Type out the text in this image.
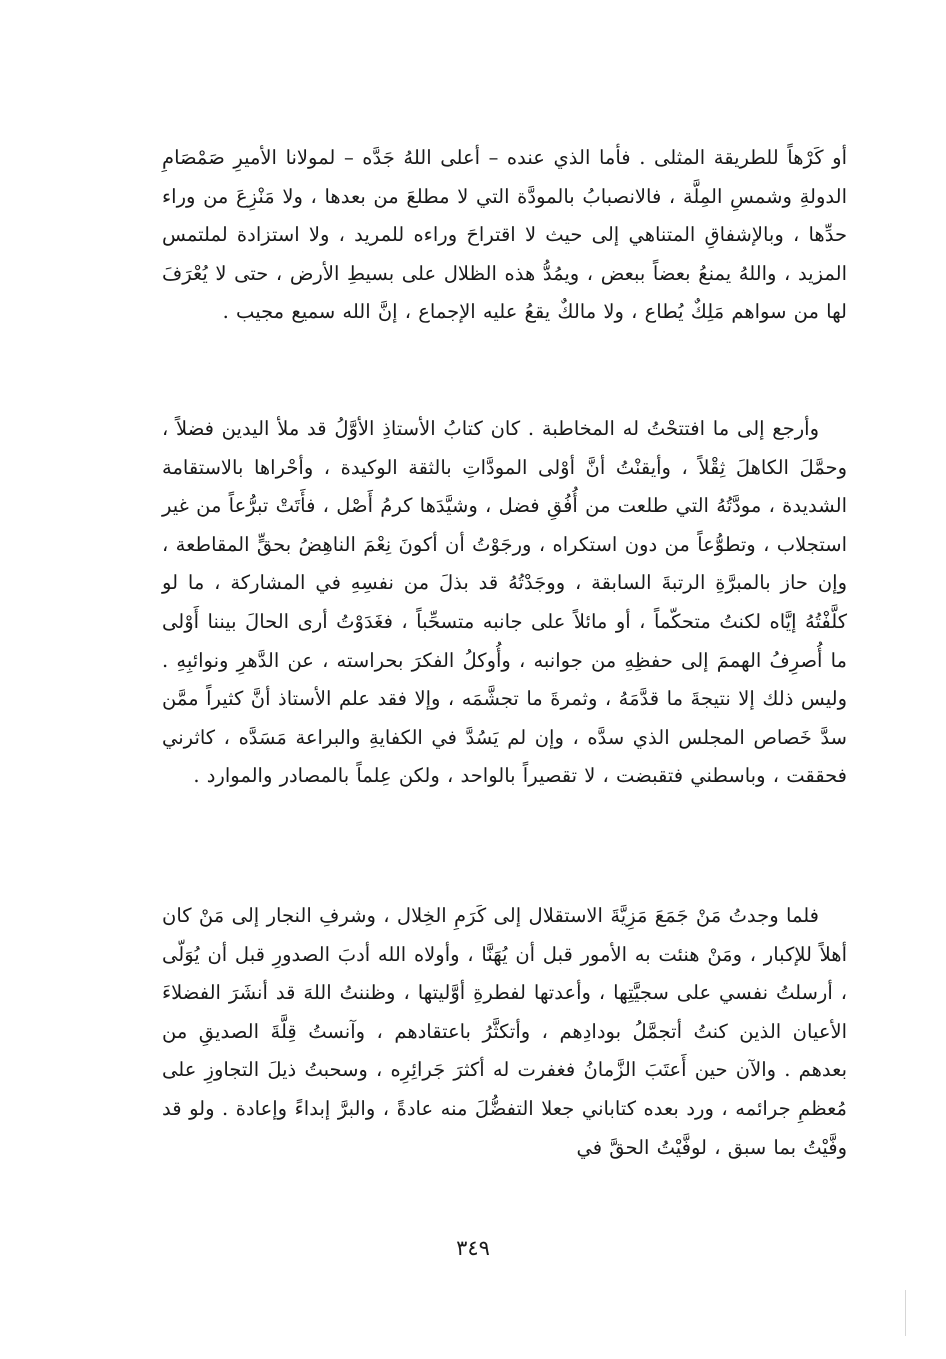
أو كَرْهاً للطريقة المثلى . فأما الذي عنده – أعلى اللهُ جَدَّه – لمولانا الأميرِ صَمْصَامِ الدولةِ وشمسِ المِلَّة ، فالانصبابُ بالمودَّة التي لا مطلعَ من بعدها ، ولا مَنْزِعَ من وراء حدِّها ، وبالإشفاقِ المتناهي إلى حيث لا اقتراحَ وراءه للمريد ، ولا استزادة لملتمس المزيد ، واللهُ يمنعُ بعضاً ببعض ، ويمُدُّ هذه الظلال على بسيطِ الأرض ، حتى لا يُعْرَفَ لها من سواهم مَلِكٌ يُطاع ، ولا مالكٌ يقعُ عليه الإجماع ، إنَّ الله سميع مجيب .

وأرجع إلى ما افتتحْتُ له المخاطبة . كان كتابُ الأستاذِ الأوَّلُ قد ملأ اليدين فضلاً ، وحمَّلَ الكاهلَ ثِقْلاً ، وأيقنْتُ أنَّ أوْلى المودَّاتِ بالثقة الوكيدة ، وأحْراها بالاستقامة الشديدة ، مودَّتُهُ التي طلعت من أُفُقِ فضل ، وشيَّدَها كرمُ أَصْل ، فأَتَتْ تبرُّعاً من غير استجلاب ، وتطوُّعاً من دون استكراه ، ورجَوْتُ أن أكونَ نِعْمَ الناهِضُ بحقٍّ المقاطعة ، وإن حاز بالمبرَّةِ الرتبةَ السابقة ، ووجَدْتُهُ قد بذلَ من نفسِهِ في المشاركة ، ما لو كلَّفْتُهُ إيَّاه لكنتُ متحكّماً ، أو مائلاً على جانبه متسحِّباً ، فغَدَوْتُ أرى الحالَ بيننا أَوْلى ما أُصرِفُ الهممَ إلى حفظِهِ من جوانبه ، وأُوكلُ الفكرَ بحراسته ، عن الدَّهرِ ونوائبِهِ . وليس ذلك إلا نتيجةَ ما قدَّمَهُ ، وثمرةَ ما تجشَّمَه ، وإلا فقد علم الأستاذ أنَّ كثيراً ممَّن سدَّ خَصاص المجلس الذي سدَّه ، وإن لم يَسُدَّ في الكفايةِ والبراعة مَسَدَّه ، كاثرني فحققت ، وباسطني فتقبضت ، لا تقصيراً بالواحد ، ولكن عِلماً بالمصادر والموارد .

فلما وجدتُ مَنْ جَمَعَ مَزِيَّةَ الاستقلال إلى كَرَمِ الخِلال ، وشرفِ النجار إلى مَنْ كان أهلاً للإكبار ، ومَنْ هنئت به الأمور قبل أن يُهَنَّا ، وأولاه الله أدبَ الصدورِ قبل أن يُوَلّى ، أرسلتُ نفسي على سجيَّتِها ، وأعدتها لفطرةِ أوَّليتها ، وظننتُ اللهَ قد أنشَرَ الفضلاءَ الأعيان الذين كنتُ أتجمَّلُ بودادِهم ، وأتكثَّرُ باعتقادهم ، وآنستُ قِلَّةَ الصديقِ من بعدهم . والآن حين أَعتَبَ الزَّمانُ فغفرت له أكثرَ جَرائِرِه ، وسحبتُ ذيلَ التجاوزِ على مُعظمِ جرائمه ، ورد بعده كتاباني جعلا التفضُّلَ منه عادةً ، والبرَّ إبداءً وإعادة . ولو قد وفَّيْتُ بما سبق ، لوفَّيْتُ الحقَّ في

٣٤٩
